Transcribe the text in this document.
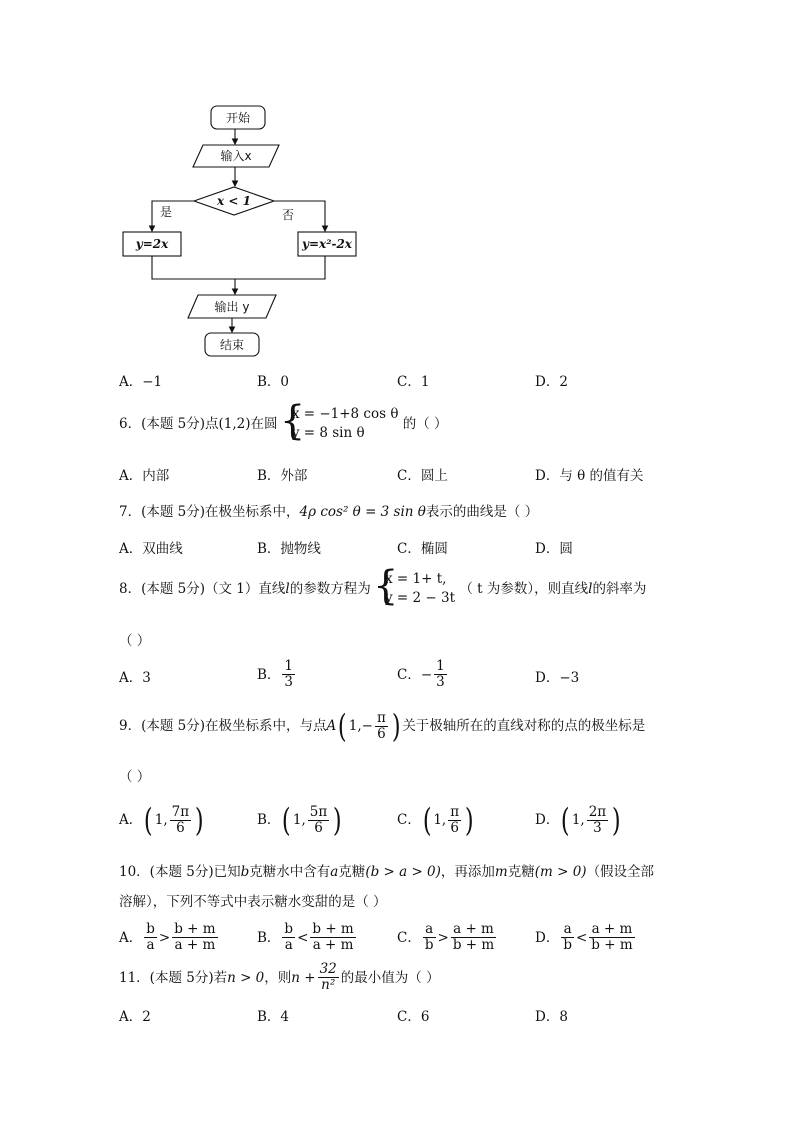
开始
输入x
x < 1
是	否
y=2x	y=x²-2x
输出 y
结束
A．−1	B．0	C．1	D．2
6．(本题 5分)点(1,2)在圆
{ x = −1+8 cos θ
y = 8 sin θ
的（ ）
A．内部	B．外部	C．圆上	D．与 θ 的值有关
7．(本题 5分)在极坐标系中，4ρ cos² θ = 3 sin θ表示的曲线是（ ）
A．双曲线	B．抛物线	C．椭圆	D．圆
8．(本题 5分)（文 1）直线l的参数方程为
{ x = 1+ t,
y = 2 − 3t
（ t 为参数），则直线l的斜率为
（ ）
A．3	B． $\frac{1}{3}$	C．− $\frac{1}{3}$	D．−3
9．(本题 5分)在极坐标系中，与点A( $1,- \frac{\pi}{6}$ ) 关于极轴所在的直线对称的点的极坐标是
（ ）
A．( 1, $\frac{7\pi}{6}$ )	B．( 1, $\frac{5\pi}{6}$ )	C．( 1, $\frac{\pi}{6}$ )	D．( 1, $\frac{2\pi}{3}$ )
10．(本题 5分)已知b克糖水中含有a克糖(b > a > 0)，再添加m克糖(m > 0)（假设全部
溶解），下列不等式中表示糖水变甜的是（ ）
A． $\frac{b}{a} > \frac{b + m}{a + m}$	B． $\frac{b}{a} < \frac{b + m}{a + m}$	C． $\frac{a}{b} > \frac{a + m}{b + m}$	D． $\frac{a}{b} < \frac{a + m}{b + m}$
11．(本题 5分)若n > 0，则$n + \frac{32}{\text{n²}}$ 的最小值为（ ）
A．2	B．4	C．6	D．8
